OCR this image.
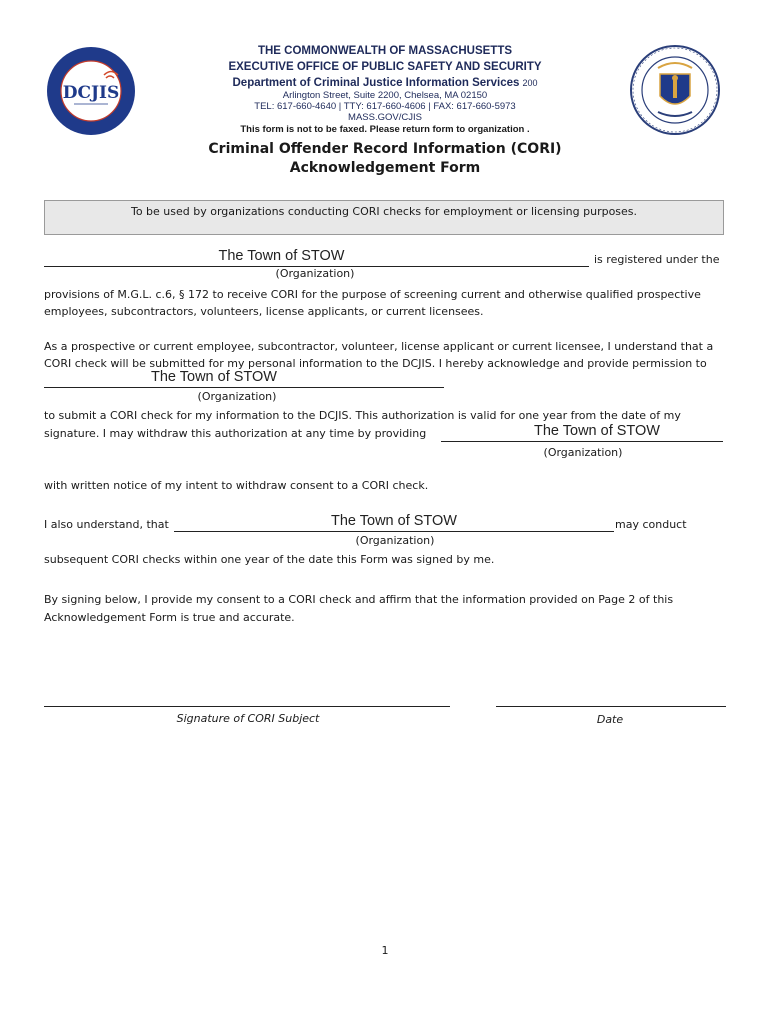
DCJIS
THE COMMONWEALTH OF MASSACHUSETTS
EXECUTIVE OFFICE OF PUBLIC SAFETY AND SECURITY
Department of Criminal Justice Information Services 200
Arlington Street, Suite 2200, Chelsea, MA 02150
TEL: 617-660-4640 | TTY: 617-660-4606 | FAX: 617-660-5973
MASS.GOV/CJIS
This form is not to be faxed. Please return form to organization .
Criminal Offender Record Information (CORI)
Acknowledgement Form
To be used by organizations conducting CORI checks for employment or licensing purposes.
The Town of STOW	is registered under the
(Organization)
provisions of M.G.L. c.6, § 172 to receive CORI for the purpose of screening current and otherwise qualified prospective
employees, subcontractors, volunteers, license applicants, or current licensees.
As a prospective or current employee, subcontractor, volunteer, license applicant or current licensee, I understand that a
CORI check will be submitted for my personal information to the DCJIS. I hereby acknowledge and provide permission to
The Town of STOW
(Organization)
to submit a CORI check for my information to the DCJIS. This authorization is valid for one year from the date of my
signature. I may withdraw this authorization at any time by providing	The Town of STOW
(Organization)
with written notice of my intent to withdraw consent to a CORI check.
I also understand, that	The Town of STOW	may conduct
(Organization)
subsequent CORI checks within one year of the date this Form was signed by me.
By signing below, I provide my consent to a CORI check and affirm that the information provided on Page 2 of this
Acknowledgement Form is true and accurate.
Signature of CORI Subject	Date
1
